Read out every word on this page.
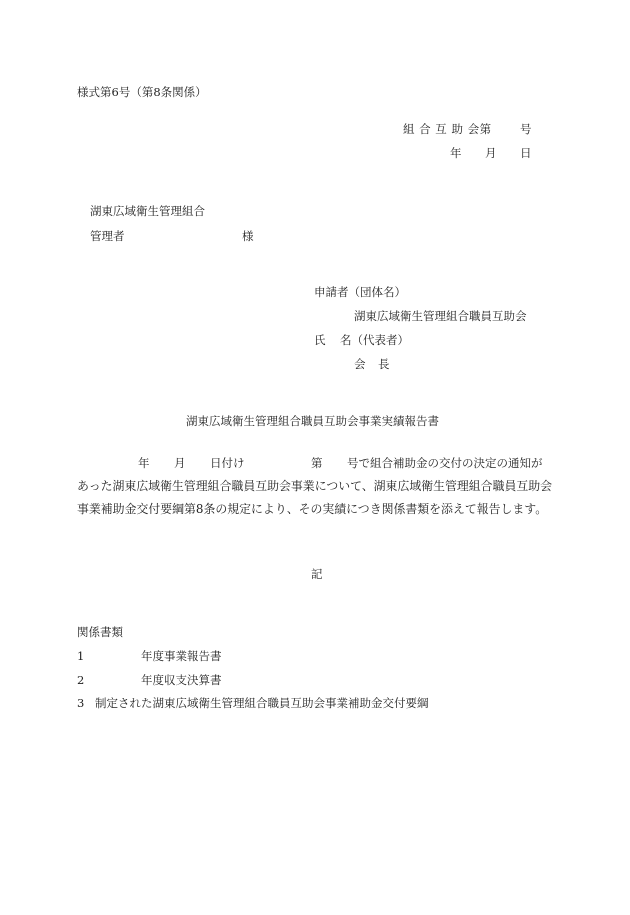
様式第6号（第8条関係）
組 合 互 助 会第 号
年 月 日
湖東広域衛生管理組合
管理者	様
申請者（団体名）
湖東広域衛生管理組合職員互助会
氏 名（代表者）
会 長
湖東広域衛生管理組合職員互助会事業実績報告書
年 月 日付け	第 号で組合補助金の交付の決定の通知が
あった湖東広域衛生管理組合職員互助会事業について、湖東広域衛生管理組合職員互助会
事業補助金交付要綱第8条の規定により、その実績につき関係書類を添えて報告します。
記
関係書類
1	年度事業報告書
2	年度収支決算書
3 制定された湖東広域衛生管理組合職員互助会事業補助金交付要綱
